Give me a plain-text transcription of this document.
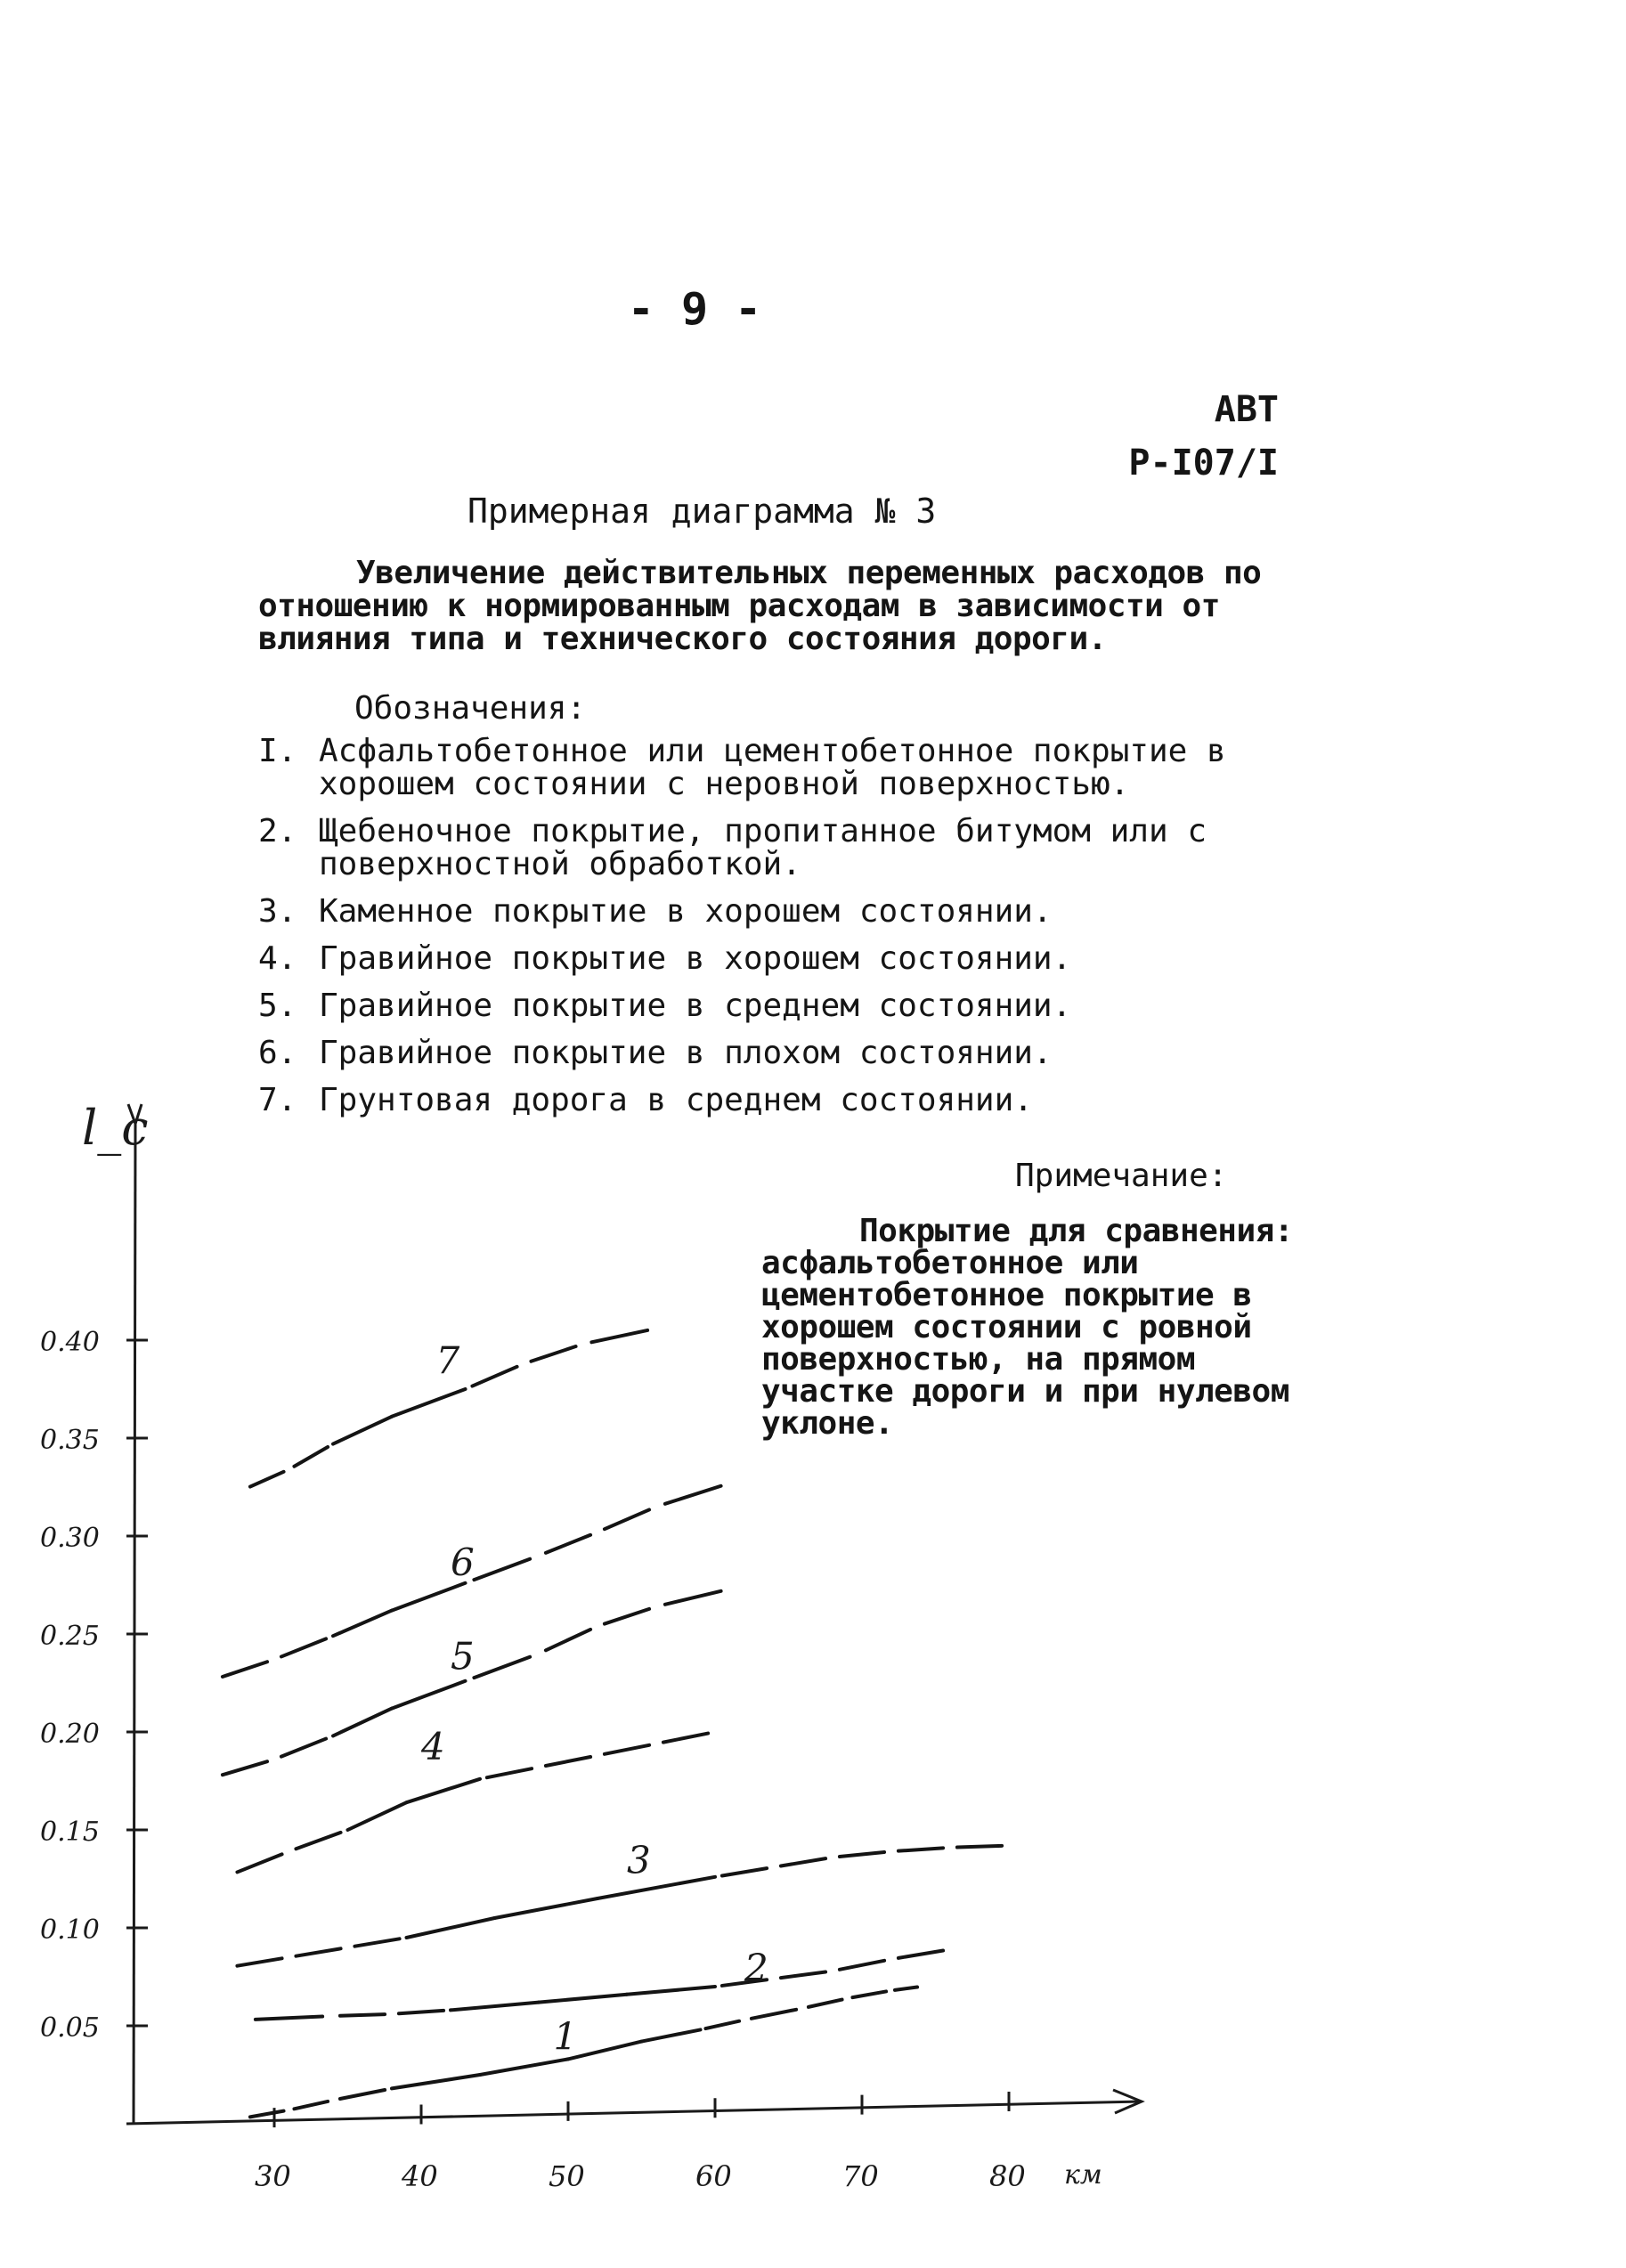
- 9 -
АВТ
Р-I07/I
Примерная диаграмма № 3
Увеличение действительных переменных расходов по отношению к нормированным расходам в зависимости от влияния типа и технического состояния дороги.
Обозначения:
I. Асфальтобетонное или цементобетонное покрытие в хорошем состоянии с неровной поверхностью.
2. Щебеночное покрытие, пропитанное битумом или с поверхностной обработкой.
3. Каменное покрытие в хорошем состоянии.
4. Гравийное покрытие в хорошем состоянии.
5. Гравийное покрытие в среднем состоянии.
6. Гравийное покрытие в плохом состоянии.
7. Грунтовая дорога в среднем состоянии.
Примечание:
Покрытие для сравнения: асфальтобетонное или цементобетонное покрытие в хорошем состоянии с ровной поверхностью, на прямом участке дороги и при нулевом уклоне.
l_c
0.05
0.10
0.15
0.20
0.25
0.30
0.35
0.40
30	40	50	60	70	80 км
1
2
3
4
5
6
7
